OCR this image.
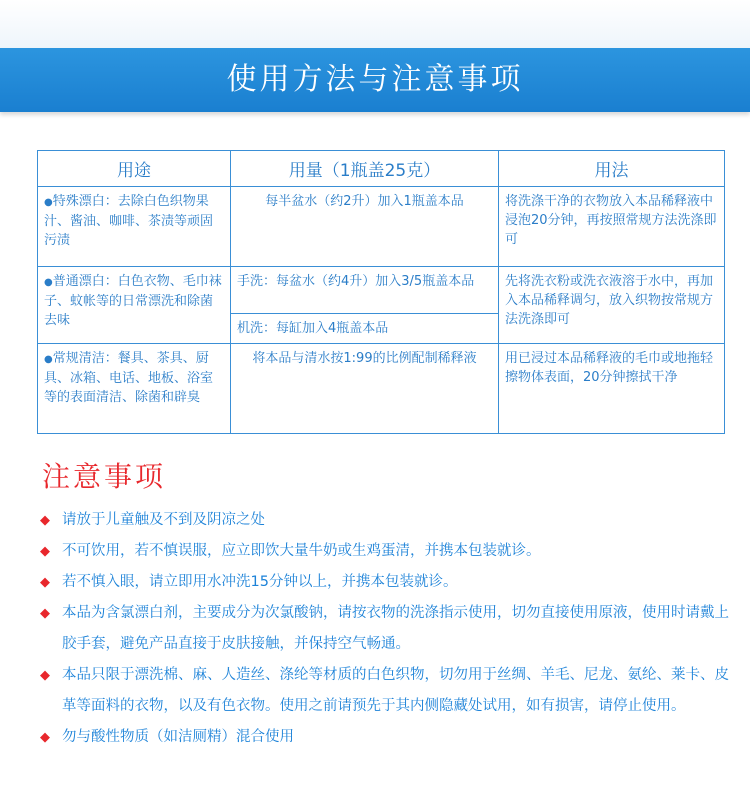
使用方法与注意事项
用途	用量（1瓶盖25克）	用法
●特殊漂白：去除白色织物果汁、酱油、咖啡、茶渍等顽固污渍	每半盆水（约2升）加入1瓶盖本品	将洗涤干净的衣物放入本品稀释液中浸泡20分钟，再按照常规方法洗涤即可
●普通漂白：白色衣物、毛巾袜子、蚊帐等的日常漂洗和除菌去味	手洗：每盆水（约4升）加入3/5瓶盖本品	先将洗衣粉或洗衣液溶于水中，再加入本品稀释调匀，放入织物按常规方法洗涤即可
	机洗：每缸加入4瓶盖本品	
●常规清洁：餐具、茶具、厨具、冰箱、电话、地板、浴室等的表面清洁、除菌和辟臭	将本品与清水按1:99的比例配制稀释液	用已浸过本品稀释液的毛巾或地拖轻擦物体表面，20分钟擦拭干净
注意事项
◆ 请放于儿童触及不到及阴凉之处
◆ 不可饮用，若不慎误服，应立即饮大量牛奶或生鸡蛋清，并携本包装就诊。
◆ 若不慎入眼，请立即用水冲洗15分钟以上，并携本包装就诊。
◆ 本品为含氯漂白剂，主要成分为次氯酸钠，请按衣物的洗涤指示使用，切勿直接使用原液，使用时请戴上胶手套，避免产品直接于皮肤接触，并保持空气畅通。
◆ 本品只限于漂洗棉、麻、人造丝、涤纶等材质的白色织物，切勿用于丝绸、羊毛、尼龙、氨纶、莱卡、皮革等面料的衣物，以及有色衣物。使用之前请预先于其内侧隐藏处试用，如有损害，请停止使用。
◆ 勿与酸性物质（如洁厕精）混合使用
